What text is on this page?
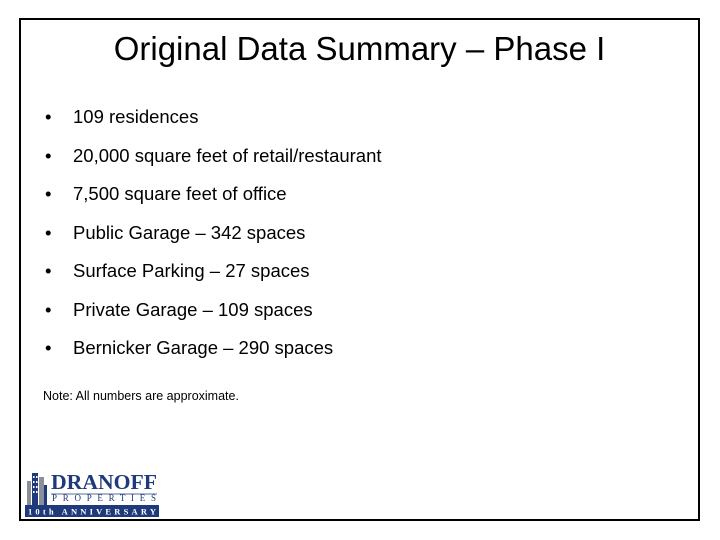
Original Data Summary – Phase I
•	109 residences
•	20,000 square feet of retail/restaurant
•	7,500 square feet of office
•	Public Garage – 342 spaces
•	Surface Parking – 27 spaces
•	Private Garage – 109 spaces
•	Bernicker Garage – 290 spaces
Note: All numbers are approximate.
DRANOFF
PROPERTIES
10th ANNIVERSARY
